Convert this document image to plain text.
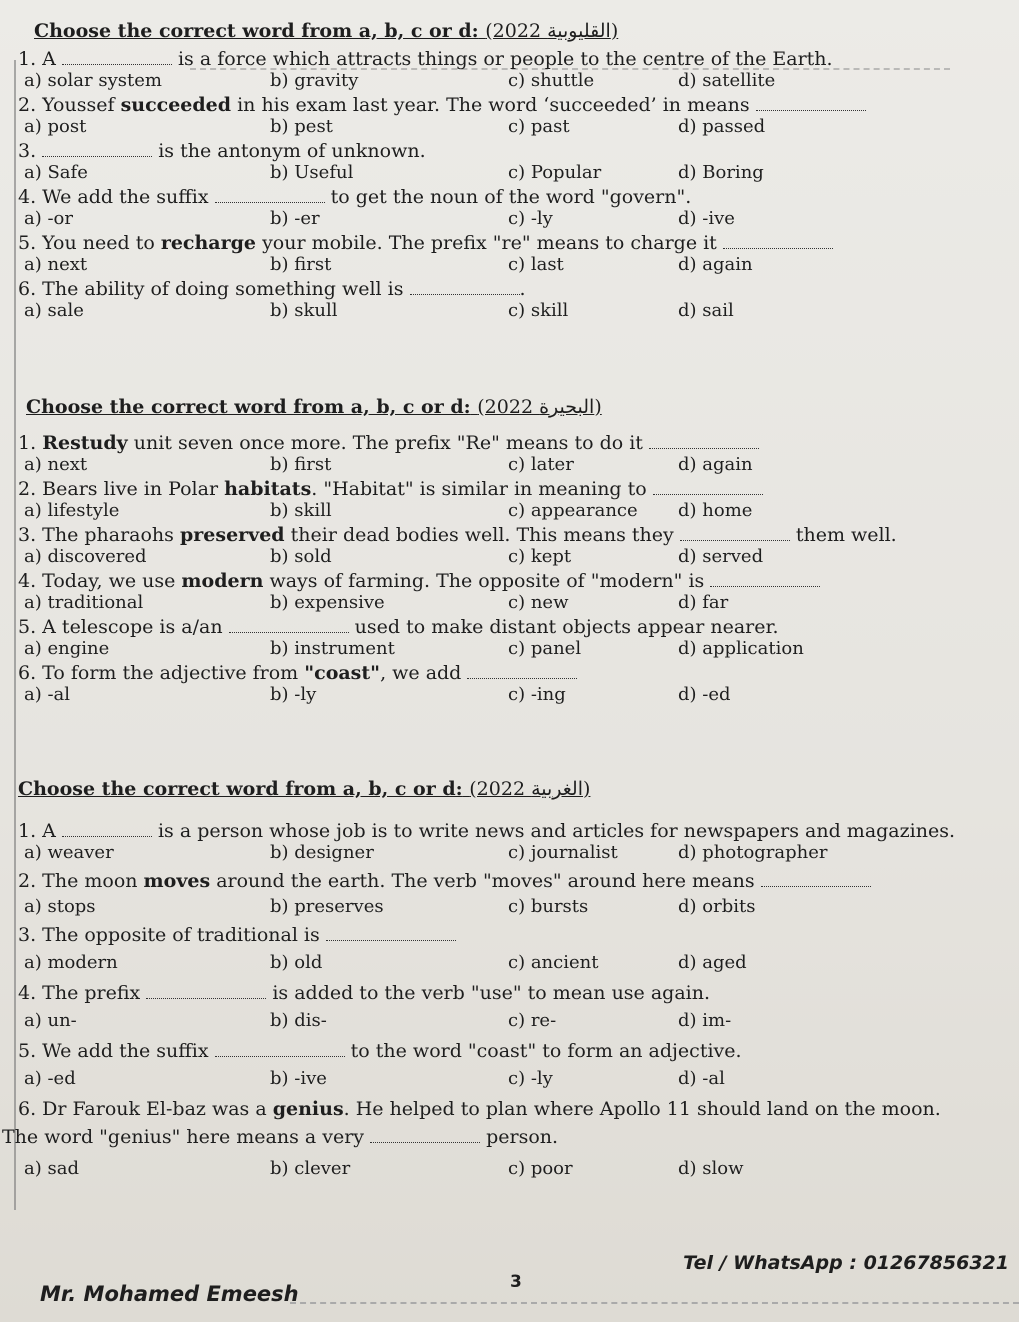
Choose the correct word from a, b, c or d: (2022 القليوبية)
1. A	is a force which attracts things or people to the centre of the Earth.
a) solar system	b) gravity	c) shuttle	d) satellite
2. Youssef succeeded in his exam last year. The word ‘succeeded’ in means
a) post	b) pest	c) past	d) passed
3.	is the antonym of unknown.
a) Safe	b) Useful	c) Popular	d) Boring
4. We add the suffix	to get the noun of the word "govern".
a) -or	b) -er	c) -ly	d) -ive
5. You need to recharge your mobile. The prefix "re" means to charge it
a) next	b) first	c) last	d) again
6. The ability of doing something well is	.
a) sale	b) skull	c) skill	d) sail
Choose the correct word from a, b, c or d: (2022 البحيرة)
1. Restudy unit seven once more. The prefix "Re" means to do it
a) next	b) first	c) later	d) again
2. Bears live in Polar habitats. "Habitat" is similar in meaning to
a) lifestyle	b) skill	c) appearance d) home
3. The pharaohs preserved their dead bodies well. This means they	them well.
a) discovered	b) sold	c) kept	d) served
4. Today, we use modern ways of farming. The opposite of "modern" is
a) traditional	b) expensive	c) new	d) far
5. A telescope is a/an	used to make distant objects appear nearer.
a) engine	b) instrument	c) panel	d) application
6. To form the adjective from "coast", we add
a) -al	b) -ly	c) -ing	d) -ed
Choose the correct word from a, b, c or d: (2022 الغربية)
1. A	is a person whose job is to write news and articles for newspapers and magazines.
a) weaver	b) designer	c) journalist	d) photographer
2. The moon moves around the earth. The verb "moves" around here means
a) stops	b) preserves	c) bursts	d) orbits
3. The opposite of traditional is
a) modern	b) old	c) ancient	d) aged
4. The prefix	is added to the verb "use" to mean use again.
a) un-	b) dis-	c) re-	d) im-
5. We add the suffix	to the word "coast" to form an adjective.
a) -ed	b) -ive	c) -ly	d) -al
6. Dr Farouk El-baz was a genius. He helped to plan where Apollo 11 should land on the moon.
The word "genius" here means a very	person.
a) sad	b) clever	c) poor	d) slow
Mr. Mohamed Emeesh	3
Tel / WhatsApp : 01267856321
